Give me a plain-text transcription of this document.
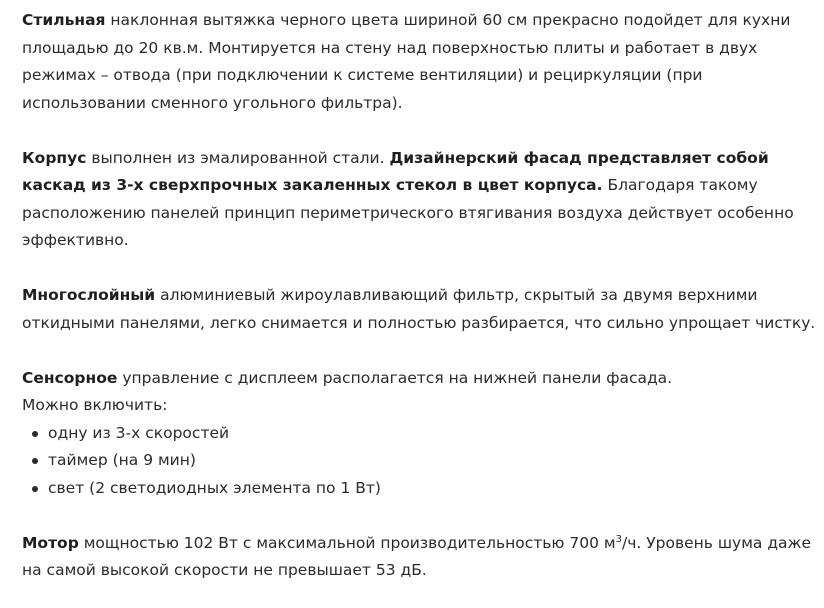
Стильная наклонная вытяжка черного цвета шириной 60 см прекрасно подойдет для кухни площадью до 20 кв.м. Монтируется на стену над поверхностью плиты и работает в двух режимах – отвода (при подключении к системе вентиляции) и рециркуляции (при использовании сменного угольного фильтра).

Корпус выполнен из эмалированной стали. Дизайнерский фасад представляет собой каскад из 3-х сверхпрочных закаленных стекол в цвет корпуса. Благодаря такому расположению панелей принцип периметрического втягивания воздуха действует особенно эффективно.

Многослойный алюминиевый жироулавливающий фильтр, скрытый за двумя верхними откидными панелями, легко снимается и полностью разбирается, что сильно упрощает чистку.

Сенсорное управление с дисплеем располагается на нижней панели фасада.

Можно включить:

одну из 3-х скоростей
таймер (на 9 мин)
свет (2 светодиодных элемента по 1 Вт)

Мотор мощностью 102 Вт с максимальной производительностью 700 $м^3/ч$. Уровень шума даже на самой высокой скорости не превышает 53 дБ.
